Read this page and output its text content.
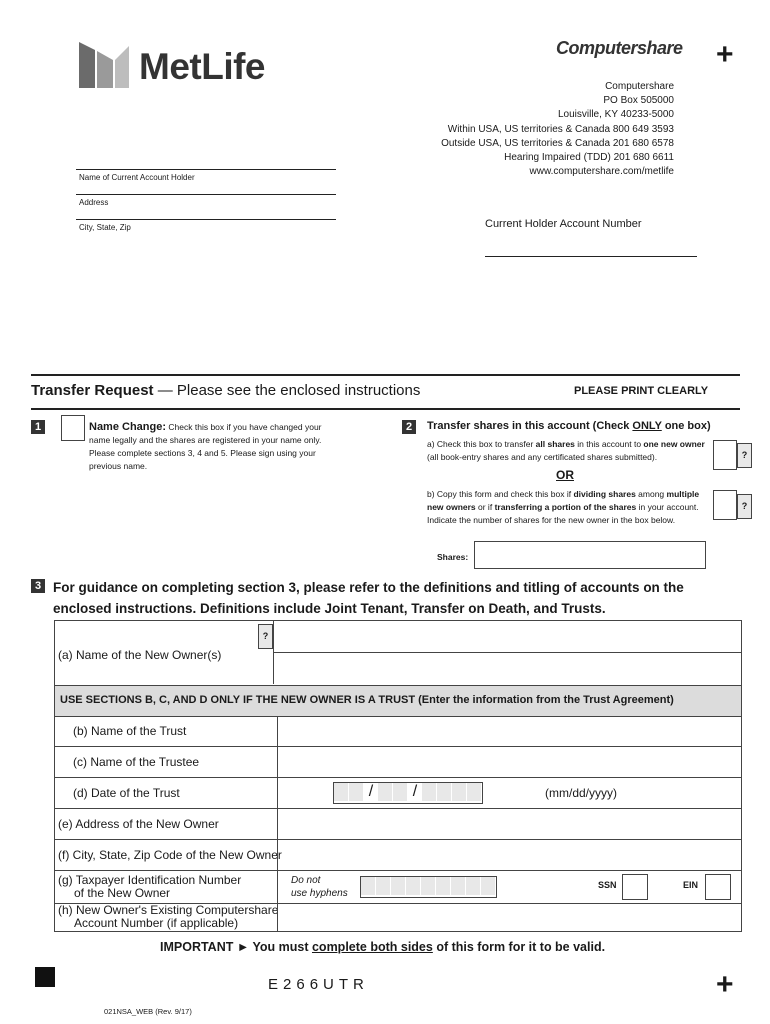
MetLife	Computershare +
Computershare
PO Box 505000
Louisville, KY 40233-5000
Within USA, US territories & Canada 800 649 3593
Outside USA, US territories & Canada 201 680 6578
Hearing Impaired (TDD) 201 680 6611
www.computershare.com/metlife
Name of Current Account Holder
Address
City, State, Zip	Current Holder Account Number
Transfer Request — Please see the enclosed instructions	PLEASE PRINT CLEARLY
1	Name Change: Check this box if you have changed your name legally and the shares are registered in your name only. Please complete sections 3, 4 and 5. Please sign using your previous name.
2	Transfer shares in this account (Check ONLY one box)
a) Check this box to transfer all shares in this account to one new owner (all book-entry shares and any certificated shares submitted).	?
OR
b) Copy this form and check this box if dividing shares among multiple new owners or if transferring a portion of the shares in your account. Indicate the number of shares for the new owner in the box below.
?
Shares:
3 For guidance on completing section 3, please refer to the definitions and titling of accounts on the
enclosed instructions. Definitions include Joint Tenant, Transfer on Death, and Trusts.
(a) Name of the New Owner(s)
?
USE SECTIONS B, C, AND D ONLY IF THE NEW OWNER IS A TRUST (Enter the information from the Trust Agreement)
(b) Name of the Trust
(c) Name of the Trustee
(d) Date of the Trust	/ /	(mm/dd/yyyy)
(e) Address of the New Owner
(f) City, State, Zip Code of the New Owner
(g) Taxpayer Identification Number
of the New Owner
Do not
use hyphens
SSN	EIN
(h) New Owner's Existing Computershare
Account Number (if applicable)
IMPORTANT ► You must complete both sides of this form for it to be valid.
E266UTR	+
021NSA_WEB (Rev. 9/17)
